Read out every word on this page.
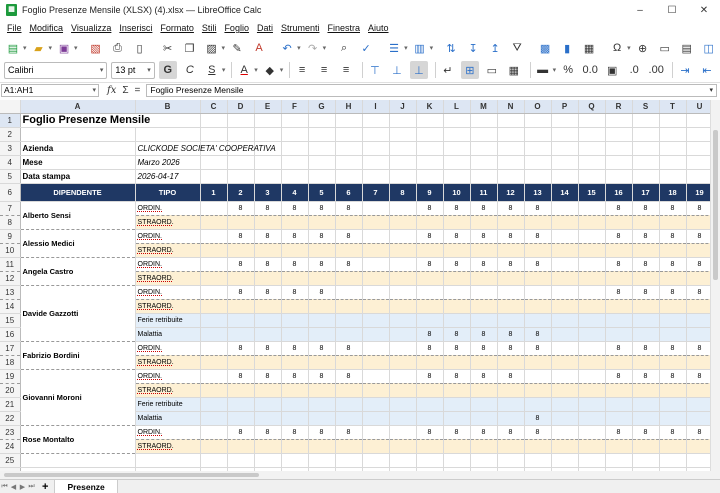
▦ Foglio Presenze Mensile (XLSX) (4).xlsx — LibreOffice Calc	–	☐	✕
File Modifica Visualizza Inserisci Formato Stili Foglio Dati Strumenti Finestra Aiuto
▤ ▾ ▰ ▾ ▣ ▾	▧	⎙	▯	✂	❐	▨ ▾ ✎	A	↶ ▾ ↷ ▾	⌕	✓	☰ ▾ ▥ ▾	⇅	↧	↥	⛛	▩	▮	▦	Ω ▾ ⊕	▭	▤	◫
Calibri	▾	13 pt ▾	G	C	S ▾	A ▾ ◆ ▾	≡	≡	≡	⊤	⊥	⊥	↵	⊞	▭	▦	▬ ▾ % 0.0 ▣	.0 .00	⇥	⇤
A1:AH1	▾ fx Σ = Foglio Presenze Mensile	▾
	A	B	C	D	E	F	G	H	I	J	K	L	M	N	O	P	Q	R	S	T	U
1	Foglio Presenze Mensile																				
2																					
3	Azienda	CLICKODE SOCIETA' COOPERATIVA																			
4	Mese	Marzo 2026																			
5	Data stampa	2026-04-17																			
6	DIPENDENTE	TIPO	1	2	3	4	5	6	7	8	9	10	11	12	13	14	15	16	17	18	19
7	Alberto Sensi	ORDIN.		8	8	8	8	8			8	8	8	8	8			8	8	8	8
8		STRAORD.																			
9	Alessio Medici	ORDIN.		8	8	8	8	8			8	8	8	8	8			8	8	8	8
10		STRAORD.																			
11	Angela Castro	ORDIN.		8	8	8	8	8			8	8	8	8	8			8	8	8	8
12		STRAORD.																			
13	Davide Gazzotti	ORDIN.		8	8	8	8											8	8	8	8
14		STRAORD.																			
15		Ferie retribuite																			
16		Malattia									8	8	8	8	8						
17	Fabrizio Bordini	ORDIN.		8	8	8	8	8			8	8	8	8	8			8	8	8	8
18		STRAORD.																			
19	Giovanni Moroni	ORDIN.		8	8	8	8	8			8	8	8	8				8	8	8	8
20		STRAORD.																			
21		Ferie retribuite																			
22		Malattia													8						
23	Rose Montalto	ORDIN.		8	8	8	8	8			8	8	8	8	8			8	8	8	8
24		STRAORD.																			
25																					

⏮ ◀ ▶ ⏭ +	Presenze
